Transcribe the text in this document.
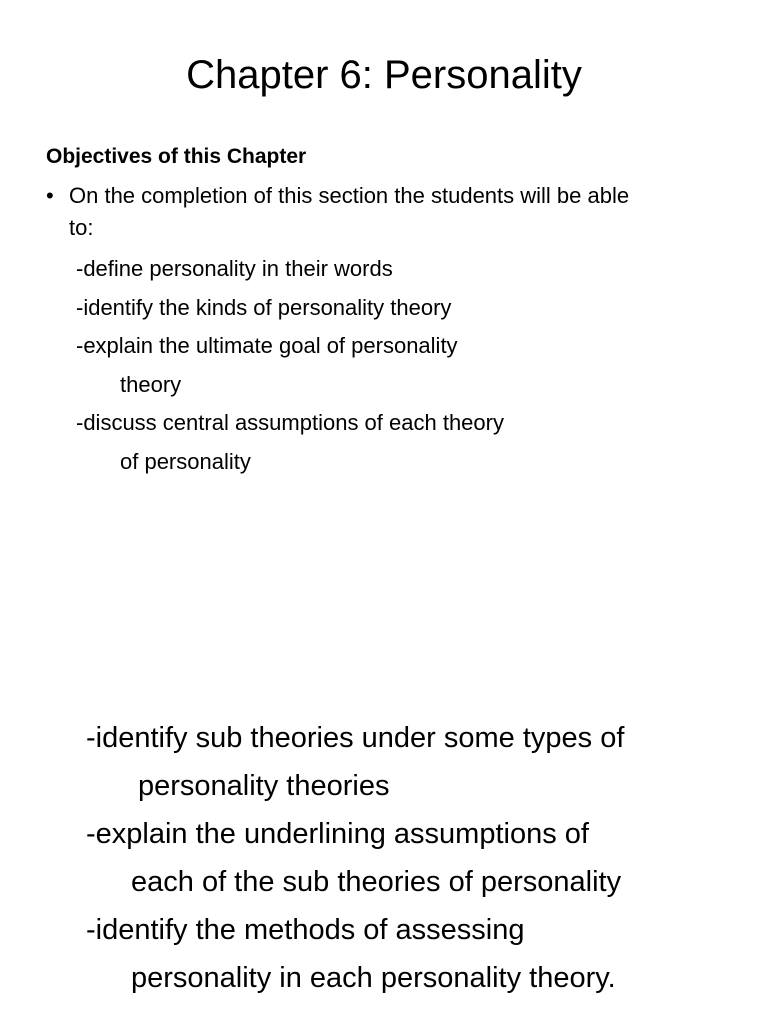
Chapter 6: Personality
Objectives of this Chapter
• On the completion of this section the students will be able
to:
-define personality in their words
-identify the kinds of personality theory
-explain the ultimate goal of personality
theory
-discuss central assumptions of each theory
of personality
-identify sub theories under some types of
personality theories
-explain the underlining assumptions of
each of the sub theories of personality
-identify the methods of assessing
personality in each personality theory.
